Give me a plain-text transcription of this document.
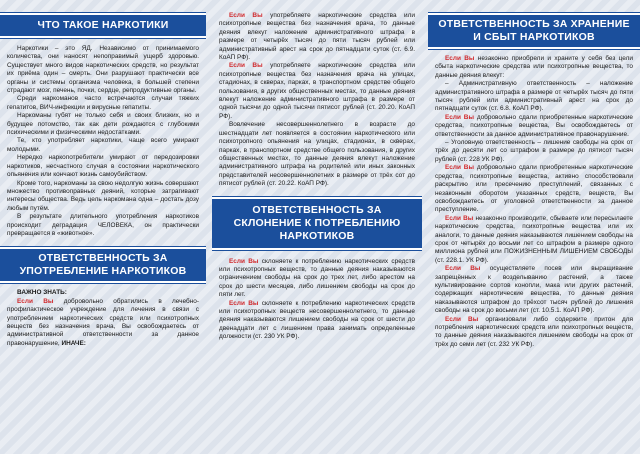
ЧТО ТАКОЕ НАРКОТИКИ

Наркотики – это ЯД. Независимо от принимаемого количества, они наносят непоправимый ущерб здоровью. Существует много видов наркотических средств, но результат их приёма один – смерть. Они разрушают практически все органы и системы организма человека, в большей степени страдают мозг, печень, почки, сердце, репродуктивные органы.

Среди наркоманов часто встречаются случаи тяжких гепатитов, ВИЧ-инфекции и вирусные гепатиты.

Наркоманы губят не только себя и своих близких, но и будущее потомство, так как дети рождаются с глубокими психическими и физическими недостатками.

Те, кто употребляет наркотики, чаще всего умирают молодыми.

Нередко наркопотребители умирают от передозировки наркотиков, несчастного случая в состоянии наркотического опьянения или кончают жизнь самоубийством.

Кроме того, наркоманы за свою недолгую жизнь совершают множество противоправных деяний, которые затрагивают интересы общества. Ведь цель наркомана одна – достать дозу любым путём.

В результате длительного употребления наркотиков происходит деградация ЧЕЛОВЕКА, он практически превращается в «животное».

ОТВЕТСТВЕННОСТЬ ЗА УПОТРЕБЛЕНИЕ НАРКОТИКОВ

ВАЖНО ЗНАТЬ:

Если Вы добровольно обратились в лечебно-профилактическое учреждение для лечения в связи с употреблением наркотических средств или психотропных веществ без назначения врача, Вы освобождаетесь от административной ответственности за данное правонарушение, ИНАЧЕ:

Если Вы употребляете наркотические средства или психотропные вещества без назначения врача, то данные деяния влекут наложение административного штрафа в размере от четырёх тысяч до пяти тысяч рублей или административный арест на срок до пятнадцати суток (ст. 6.9. КоАП РФ).

Если Вы употребляете наркотические средства или психотропные вещества без назначения врача на улицах, стадионах, в скверах, парках, в транспортном средстве общего пользования, в других общественных местах, то данные деяния влекут наложение административного штрафа в размере от одной тысячи до одной тысячи пятисот рублей (ст. 20.20. КоАП РФ).

Вовлечение несовершеннолетнего в возрасте до шестнадцати лет появляется в состоянии наркотического или психотропного опьянения на улицах, стадионах, в скверах, парках, в транспортном средстве общего пользования, в других общественных местах, то данные деяния влекут наложение административного штрафа на родителей или иных законных представителей несовершеннолетних в размере от трёх сот до пятисот рублей (ст. 20.22. КоАП РФ).

ОТВЕТСТВЕННОСТЬ ЗА СКЛОНЕНИЕ К ПОТРЕБЛЕНИЮ НАРКОТИКОВ

Если Вы склоняете к потреблению наркотических средств или психотропных веществ, то данные деяния наказываются ограничением свободы на срок до трех лет, либо арестом на срок до шести месяцев, либо лишением свободы на срок до пяти лет.

Если Вы склоняете к потреблению наркотических средств или психотропных веществ несовершеннолетнего, то данные деяния наказываются лишением свободы на срок от шести до двенадцати лет с лишением права занимать определенные должности (ст. 230 УК РФ).

ОТВЕТСТВЕННОСТЬ ЗА ХРАНЕНИЕ И СБЫТ НАРКОТИКОВ

Если Вы незаконно приобрели и храните у себя без цели сбыта наркотические средства или психотропные вещества, то данные деяния влекут:

– Административную ответственность – наложение административного штрафа в размере от четырёх тысяч до пяти тысяч рублей или административный арест на срок до пятнадцати суток (ст. 6.8. КоАП РФ).

Если Вы добровольно сдали приобретенные наркотические средства, психотропные вещества, Вы освобождаетесь от ответственности за данное административное правонарушение.

– Уголовную ответственность – лишение свободы на срок от трёх до десяти лет со штрафом в размере до пятисот тысяч рублей (ст. 228 УК РФ).

Если Вы добровольно сдали приобретенные наркотические средства, психотропные вещества, активно способствовали раскрытию или пресечению преступлений, связанных с незаконным оборотом указанных средств, веществ, Вы освобождаетесь от уголовной ответственности за данное преступление.

Если Вы незаконно производите, сбываете или пересылаете наркотические средства, психотропные вещества или их аналоги, то данные деяния наказываются лишением свободы на срок от четырёх до восьми лет со штрафом в размере одного миллиона рублей или ПОЖИЗНЕННЫМ ЛИШЕНИЕМ СВОБОДЫ (ст. 228.1. УК РФ).

Если Вы осуществляете посев или выращивание запрещённых к возделыванию растений, а также культивирование сортов конопли, мака или других растений, содержащих наркотические вещества, то данные деяния наказываются штрафом до трёхсот тысяч рублей до лишения свободы на срок до восьми лет (ст. 10.5.1. КоАП РФ).

Если Вы организовали либо содержите притон для потребления наркотических средств или психотропных веществ, то данные деяния наказываются лишением свободы на срок от трёх до семи лет (ст. 232 УК РФ).
